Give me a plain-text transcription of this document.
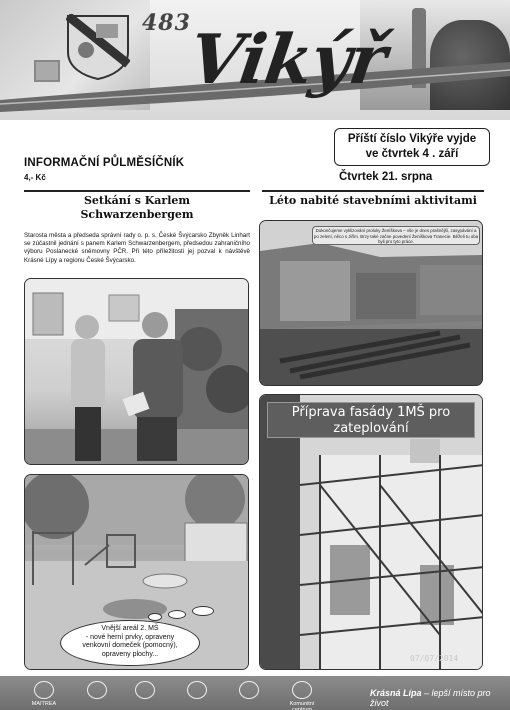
483
Vikýř
Příští číslo Vikýře vyjde
ve čtvrtek 4 . září
INFORMAČNÍ PŮLMĚSÍČNÍK
4,- Kč	Čtvrtek 21. srpna
Setkání s Karlem
Schwarzenbergem
Starosta města a předseda správní rady o. p. s. České Švýcarsko Zbyněk Linhart se zúčastnil jednání s panem Karlem Schwarzenbergem, předsedou zahraničního výboru Poslanecké sněmovny PČR. Při této příležitosti jej pozval k návštěvě Krásné Lípy a regionu České Švýcarsko.
Léto nabité stavebními aktivitami
Dokončujeme vyklizování proluky Ženíškova – vše je dnes prašnější, zasypávání a po zelení, něco s Jiřím. Brzy také začne povedení Ženíškova Tranecie. Běželi tu oba byli pro tyto práce.
Příprava fasády 1MŠ pro
zateplování
07/07/2014
Vnější areál 2. MŠ
- nové herní prvky, opraveny
venkovní domeček (pomocný),
opraveny plochy...
MAITREA	Komunitní centrum
Krásná Lípa – lepší místo pro život
